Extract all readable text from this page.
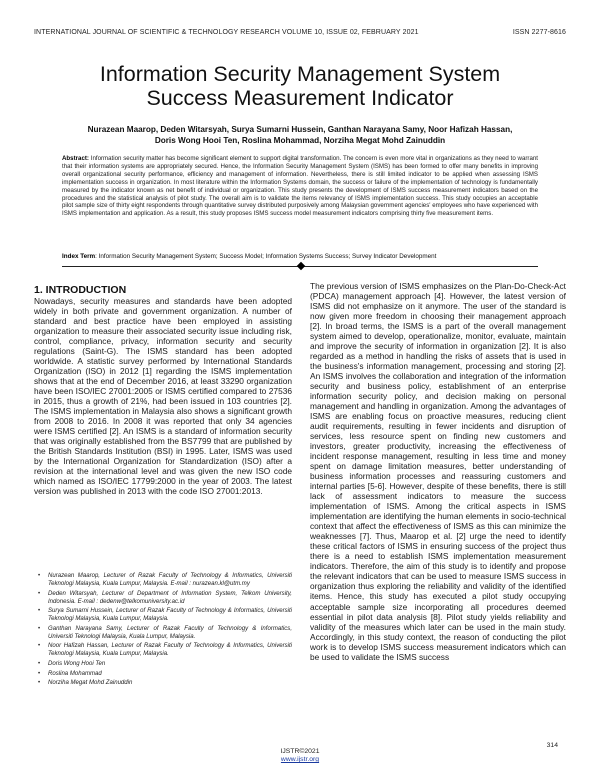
INTERNATIONAL JOURNAL OF SCIENTIFIC & TECHNOLOGY RESEARCH VOLUME 10, ISSUE 02, FEBRUARY 2021	ISSN 2277-8616
Information Security Management System
Success Measurement Indicator
Nurazean Maarop, Deden Witarsyah, Surya Sumarni Hussein, Ganthan Narayana Samy, Noor Hafizah Hassan,
Doris Wong Hooi Ten, Roslina Mohammad, Norziha Megat Mohd Zainuddin
Abstract: Information security matter has become significant element to support digital transformation. The concern is even more vital in organizations as they need to warrant that their information systems are appropriately secured. Hence, the Information Security Management System (ISMS) has been formed to offer many benefits in improving overall organizational security performance, efficiency and management of information. Nevertheless, there is still limited indicator to be applied when assessing ISMS implementation success in organization. In most literature within the Information Systems domain, the success or failure of the implementation of technology is fundamentally measured by the indicator known as net benefit of individual or organization. This study presents the development of ISMS success measurement indicators based on the procedures and the statistical analysis of pilot study. The overall aim is to validate the items relevancy of ISMS implementation success. This study occupies an acceptable pilot sample size of thirty eight respondents through quantitative survey distributed purposively among Malaysian government agencies' employees who have experienced with ISMS implementation and application. As a result, this study proposes ISMS success model measurement indicators comprising thirty five measurement items.
Index Term: Information Security Management System; Success Model; Information Systems Success; Survey Indicator Development
1. INTRODUCTION

Nowadays, security measures and standards have been adopted widely in both private and government organization. A number of standard and best practice have been employed in assisting organization to measure their associated security issue including risk, control, compliance, privacy, information security and security regulations (Saint-G). The ISMS standard has been adopted worldwide. A statistic survey performed by International Standards Organization (ISO) in 2012 [1] regarding the ISMS implementation shows that at the end of December 2016, at least 33290 organization have been ISO/IEC 27001:2005 or ISMS certified compared to 27536 in 2015, thus a growth of 21%, had been issued in 103 countries [2]. The ISMS implementation in Malaysia also shows a significant growth from 2008 to 2016. In 2008 it was reported that only 34 agencies were ISMS certified [2]. An ISMS is a standard of information security that was originally established from the BS7799 that are published by the British Standards Institution (BSI) in 1995. Later, ISMS was used by the International Organization for Standardization (ISO) after a revision at the international level and was given the new ISO code which named as ISO/IEC 17799:2000 in the year of 2003. The latest version was published in 2013 with the code ISO 27001:2013.

• Nurazean Maarop, Lecturer of Razak Faculty of Technology & Informatics, Universiti Teknologi Malaysia, Kuala Lumpur, Malaysia. E-mail : nurazean.kl@utm.my
• Deden Witarsyah, Lecturer of Department of Information System, Telkom University, Indonesia. E-mail : dedenw@telkomuniversity.ac.id
• Surya Sumarni Hussein, Lecturer of Razak Faculty of Technology & Informatics, Universiti Teknologi Malaysia, Kuala Lumpur, Malaysia.
• Ganthan Narayana Samy, Lecturer of Razak Faculty of Technology & Informatics, Universiti Teknologi Malaysia, Kuala Lumpur, Malaysia.
• Noor Hafizah Hassan, Lecturer of Razak Faculty of Technology & Informatics, Universiti Teknologi Malaysia, Kuala Lumpur, Malaysia.
• Doris Wong Hooi Ten
• Roslina Mohammad
• Norziha Megat Mohd Zainuddin

The previous version of ISMS emphasizes on the Plan-Do-Check-Act (PDCA) management approach [4]. However, the latest version of ISMS did not emphasize on it anymore. The user of the standard is now given more freedom in choosing their management approach [2]. In broad terms, the ISMS is a part of the overall management system aimed to develop, operationalize, monitor, evaluate, maintain and improve the security of information in organization [2]. It is also regarded as a method in handling the risks of assets that is used in the business's information management, processing and storing [2]. An ISMS involves the collaboration and integration of the information security and business policy, establishment of an enterprise information security policy, and decision making on personal management and handling in organization. Among the advantages of ISMS are enabling focus on proactive measures, reducing client audit requirements, resulting in fewer incidents and disruption of services, less resource spent on finding new customers and investors, greater productivity, increasing the effectiveness of incident response management, resulting in less time and money spent on damage limitation measures, better understanding of business information processes and reassuring customers and internal parties [5-6]. However, despite of these benefits, there is still lack of assessment indicators to measure the success implementation of ISMS. Among the critical aspects in ISMS implementation are identifying the human elements in socio-technical context that affect the effectiveness of ISMS as this can minimize the weaknesses [7]. Thus, Maarop et al. [2] urge the need to identify these critical factors of ISMS in ensuring success of the project thus there is a need to establish ISMS implementation measurement indicators. Therefore, the aim of this study is to identify and propose the relevant indicators that can be used to measure ISMS success in organization thus exploring the reliability and validity of the identified items. Hence, this study has executed a pilot study occupying acceptable sample size incorporating all procedures deemed essential in pilot data analysis [8]. Pilot study yields reliability and validity of the measures which later can be used in the main study. Accordingly, in this study context, the reason of conducting the pilot work is to develop ISMS success measurement indicators which can be used to validate the ISMS success

314
IJSTR©2021
www.ijstr.org
